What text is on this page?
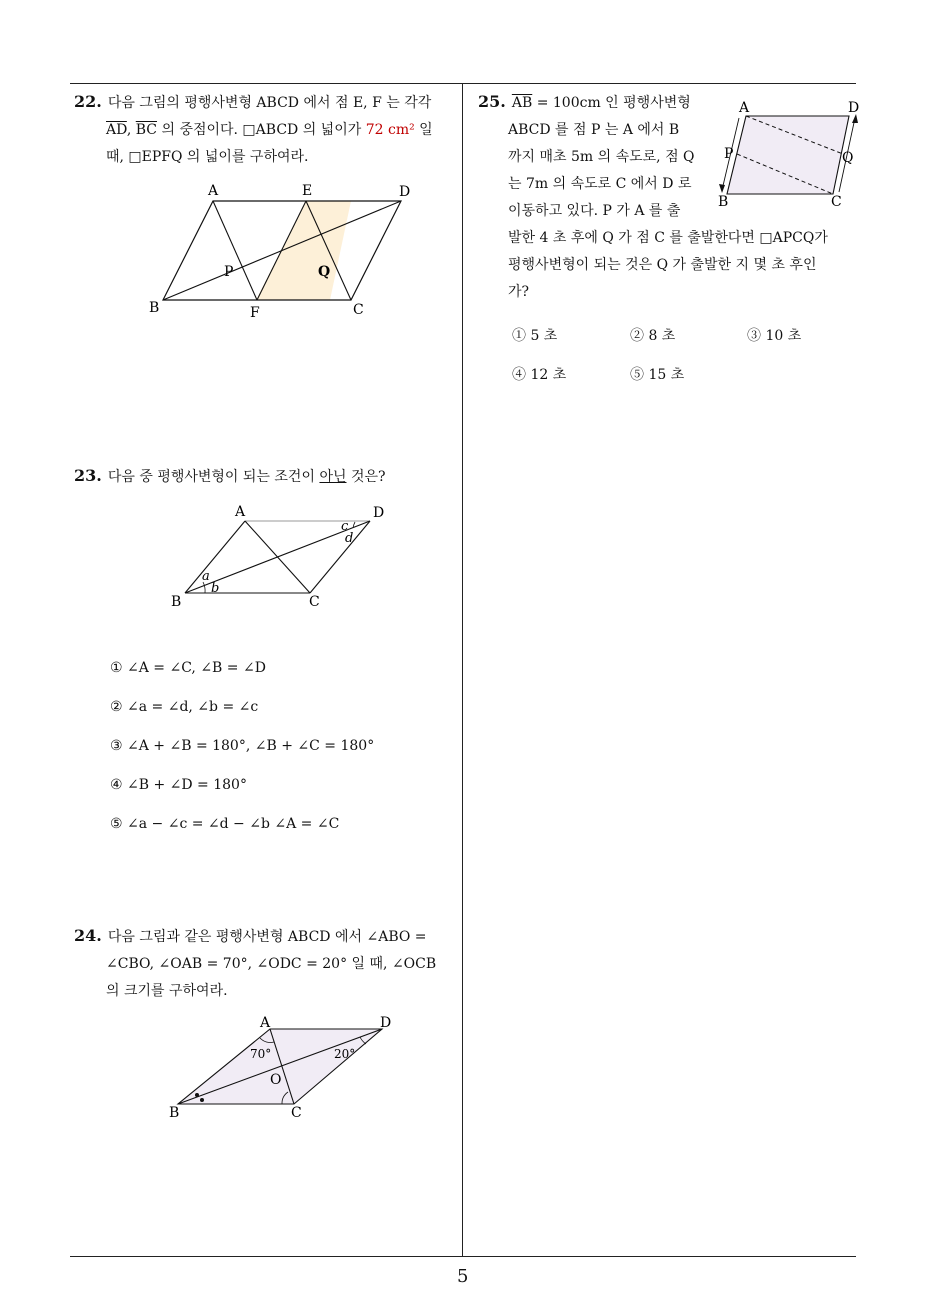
22. 다음 그림의 평행사변형 ABCD 에서 점 E, F 는 각각
$\overline{AD}$, $\overline{BC}$ 의 중점이다. □ABCD 의 넓이가 72 cm² 일
때, □EPFQ 의 넓이를 구하여라.
A	E	D
B	F	C
P	Q
23. 다음 중 평행사변형이 되는 조건이 아닌 것은?
A	D
B	C
a
b
c
d
① ∠A = ∠C, ∠B = ∠D
② ∠a = ∠d, ∠b = ∠c
③ ∠A + ∠B = 180°, ∠B + ∠C = 180°
④ ∠B + ∠D = 180°
⑤ ∠a − ∠c = ∠d − ∠b ∠A = ∠C
24. 다음 그림과 같은 평행사변형 ABCD 에서 ∠ABO =
∠CBO, ∠OAB = 70°, ∠ODC = 20° 일 때, ∠OCB
의 크기를 구하여라.
A	D
B	C
O
70°	20°
25. $\overline{AB} = 100cm$ 인 평행사변형
ABCD 를 점 P 는 A 에서 B
까지 매초 5m 의 속도로, 점 Q
는 7m 의 속도로 C 에서 D 로
이동하고 있다. P 가 A 를 출
발한 4 초 후에 Q 가 점 C 를 출발한다면 □APCQ가
평행사변형이 되는 것은 Q 가 출발한 지 몇 초 후인
가?
A	D
B	C
P	Q
① 5 초	② 8 초	③ 10 초
④ 12 초	⑤ 15 초
5
